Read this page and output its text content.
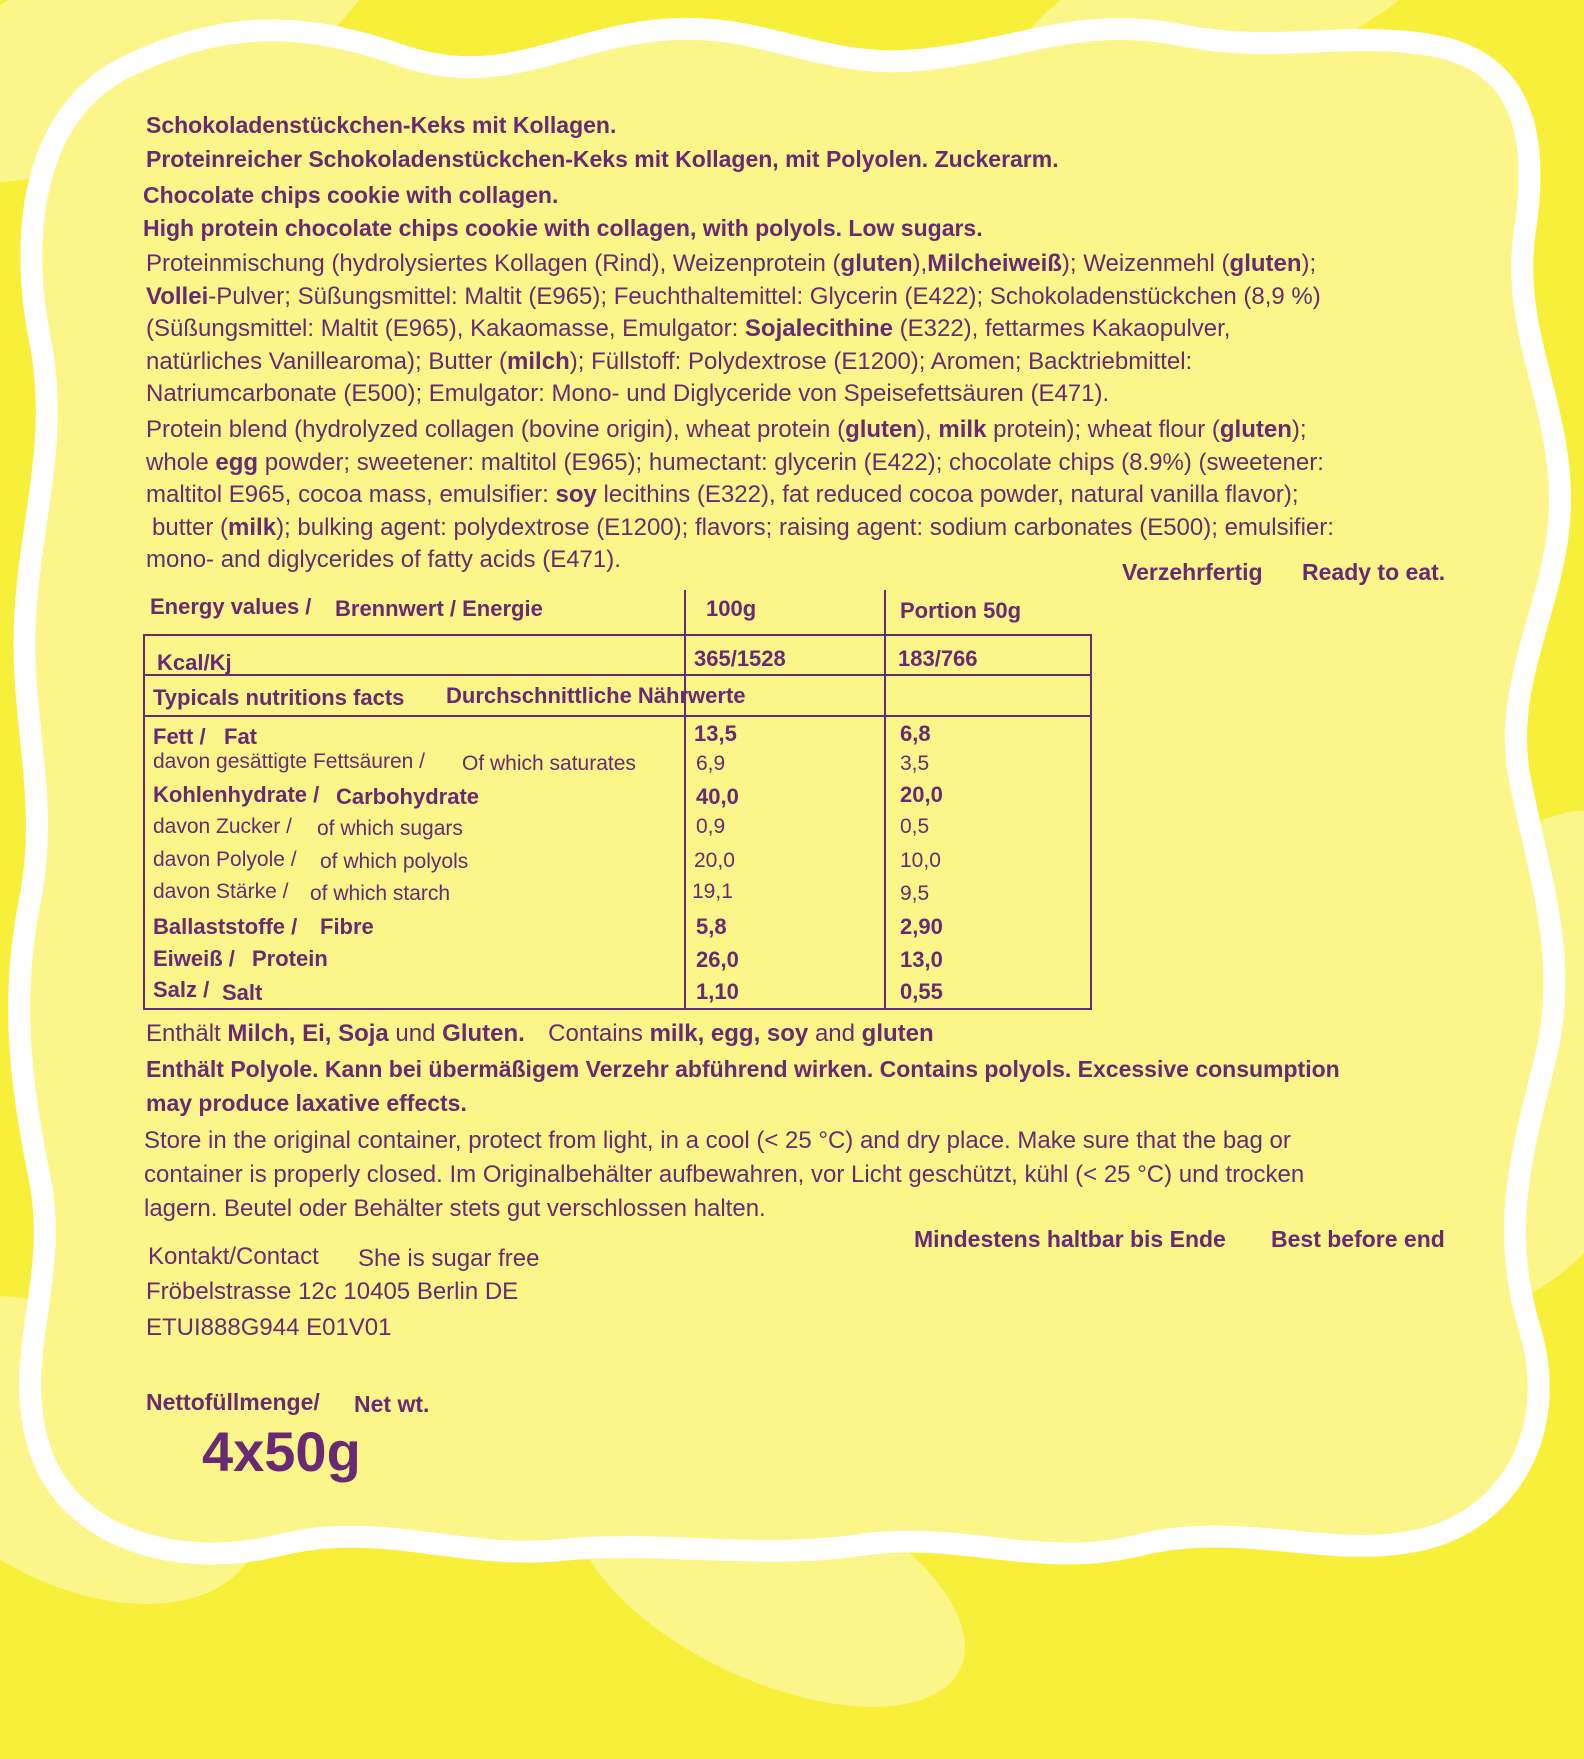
Schokoladenstückchen-Keks mit Kollagen.
Proteinreicher Schokoladenstückchen-Keks mit Kollagen, mit Polyolen. Zuckerarm.
Chocolate chips cookie with collagen.
High protein chocolate chips cookie with collagen, with polyols. Low sugars.
Proteinmischung (hydrolysiertes Kollagen (Rind), Weizenprotein (gluten),Milcheiweiß); Weizenmehl (gluten);
Vollei-Pulver; Süßungsmittel: Maltit (E965); Feuchthaltemittel: Glycerin (E422); Schokoladenstückchen (8,9 %)
(Süßungsmittel: Maltit (E965), Kakaomasse, Emulgator: Sojalecithine (E322), fettarmes Kakaopulver,
natürliches Vanillearoma); Butter (milch); Füllstoff: Polydextrose (E1200); Aromen; Backtriebmittel:
Natriumcarbonate (E500); Emulgator: Mono- und Diglyceride von Speisefettsäuren (E471).
Protein blend (hydrolyzed collagen (bovine origin), wheat protein (gluten), milk protein); wheat flour (gluten);
whole egg powder; sweetener: maltitol (E965); humectant: glycerin (E422); chocolate chips (8.9%) (sweetener:
maltitol E965, cocoa mass, emulsifier: soy lecithins (E322), fat reduced cocoa powder, natural vanilla flavor);
butter (milk); bulking agent: polydextrose (E1200); flavors; raising agent: sodium carbonates (E500); emulsifier:
mono- and diglycerides of fatty acids (E471).	Verzehrfertig Ready to eat.
Energy values / Brennwert / Energie	100g	Portion 50g
Kcal/Kj	365/1528	183/766
Typicals nutritions facts Durchschnittliche Nährwerte
Fett / Fat	13,5	6,8
davon gesättigte Fettsäuren / Of which saturates	6,9	3,5
Kohlenhydrate / Carbohydrate	40,0	20,0
davon Zucker / of which sugars	0,9	0,5
davon Polyole / of which polyols	20,0	10,0
davon Stärke / of which starch	19,1	9,5
Ballaststoffe / Fibre	5,8	2,90
Eiweiß / Protein	26,0	13,0
Salz / Salt	1,10	0,55
Enthält Milch, Ei, Soja und Gluten. Contains milk, egg, soy and gluten
Enthält Polyole. Kann bei übermäßigem Verzehr abführend wirken. Contains polyols. Excessive consumption
may produce laxative effects.
Store in the original container, protect from light, in a cool (< 25 °C) and dry place. Make sure that the bag or
container is properly closed. Im Originalbehälter aufbewahren, vor Licht geschützt, kühl (< 25 °C) und trocken
lagern. Beutel oder Behälter stets gut verschlossen halten.
Mindestens haltbar bis Ende Best before end
Kontakt/Contact She is sugar free
Fröbelstrasse 12c 10405 Berlin DE
ETUI888G944 E01V01
Nettofüllmenge/ Net wt.
4x50g
